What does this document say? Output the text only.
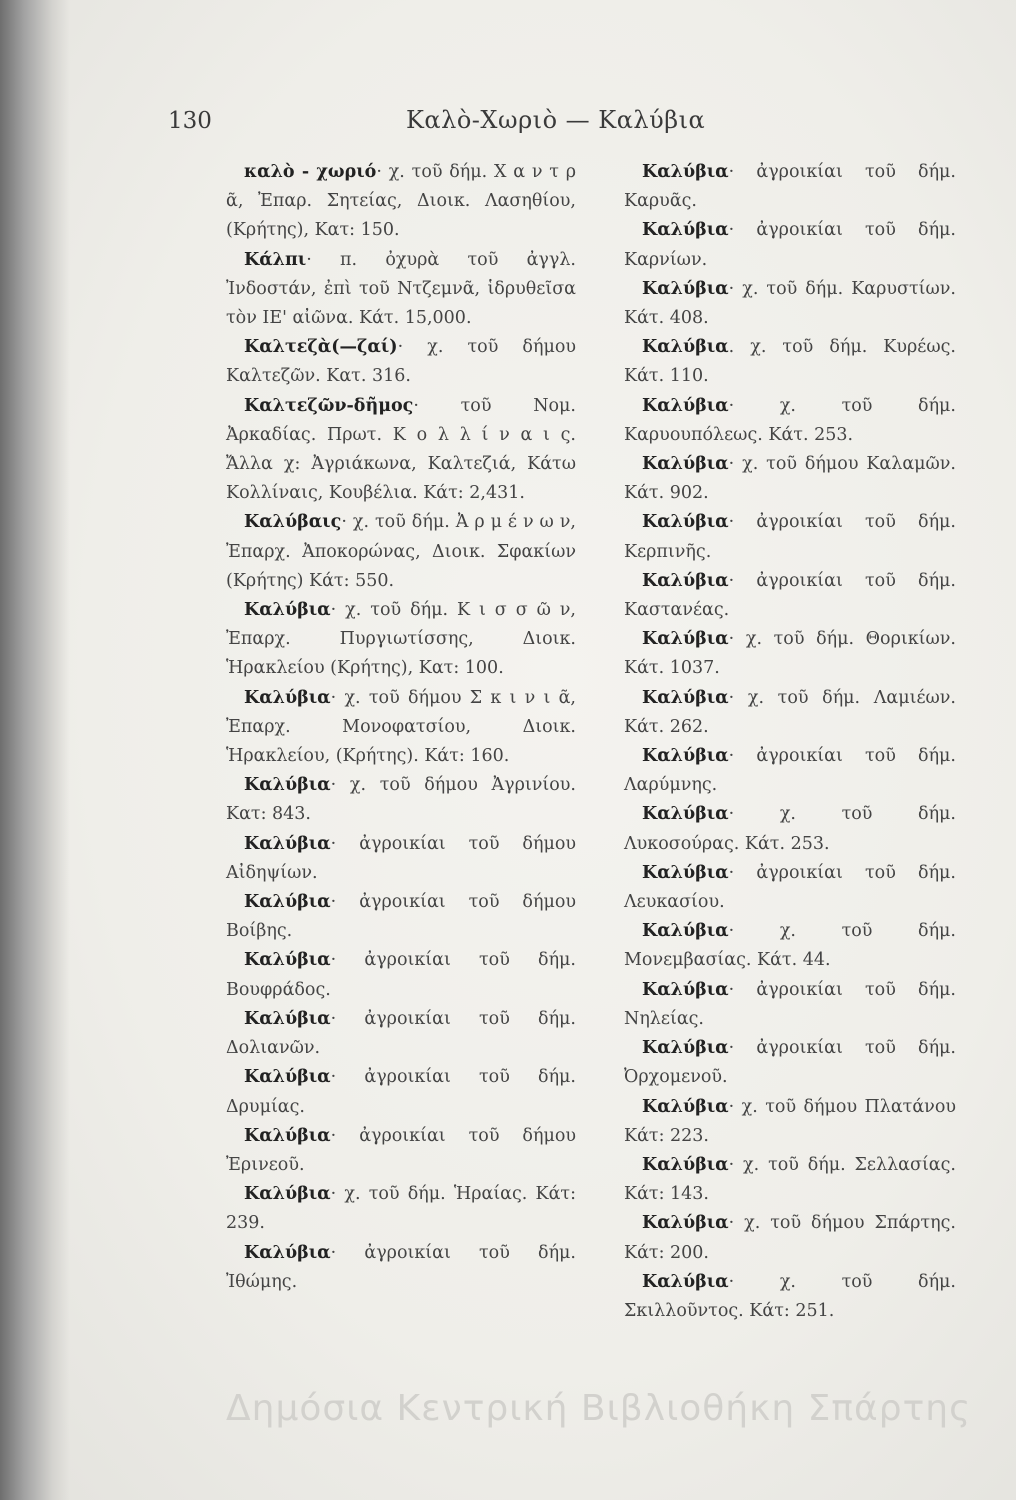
130	Καλὸ-Χωριὸ — Καλύβια

καλὸ - χωριό· χ. τοῦ δήμ. Χ α ν τ ρ ᾶ, Ἐπαρ. Σητείας, Διοικ. Λασηθίου, (Κρήτης), Κατ: 150.

Κάλπι· π. ὀχυρὰ τοῦ ἀγγλ. Ἰνδοστάν, ἐπὶ τοῦ Ντζεμνᾶ, ἱδρυθεῖσα τὸν ΙΕ' αἰῶνα. Κάτ. 15,000.

Καλτεζὰ(—ζαί)· χ. τοῦ δήμου Καλτεζῶν. Κατ. 316.

Καλτεζῶν-δῆμος· τοῦ Νομ. Ἀρκαδίας. Πρωτ. Κ ο λ λ ί ν α ι ς. Ἄλλα χ: Ἀγριάκωνα, Καλτεζιά, Κάτω Κολλίναις, Κουβέλια. Κάτ: 2,431.

Καλύβαις· χ. τοῦ δήμ. Ἀ ρ μ έ ν ω ν, Ἐπαρχ. Ἀποκορώνας, Διοικ. Σφακίων (Κρήτης) Κάτ: 550.

Καλύβια· χ. τοῦ δήμ. Κ ι σ σ ῶ ν, Ἐπαρχ. Πυργιωτίσσης, Διοικ. Ἡρακλείου (Κρήτης), Κατ: 100.

Καλύβια· χ. τοῦ δήμου Σ κ ι ν ι ᾶ, Ἐπαρχ. Μονοφατσίου, Διοικ. Ἡρακλείου, (Κρήτης). Κάτ: 160.

Καλύβια· χ. τοῦ δήμου Ἀγρινίου. Κατ: 843.

Καλύβια· ἀγροικίαι τοῦ δήμου Αἰδηψίων.

Καλύβια· ἀγροικίαι τοῦ δήμου Βοίβης.

Καλύβια· ἀγροικίαι τοῦ δήμ. Βουφράδος.

Καλύβια· ἀγροικίαι τοῦ δήμ. Δολιανῶν.

Καλύβια· ἀγροικίαι τοῦ δήμ. Δρυμίας.

Καλύβια· ἀγροικίαι τοῦ δήμου Ἐρινεοῦ.

Καλύβια· χ. τοῦ δήμ. Ἡραίας. Κάτ: 239.

Καλύβια· ἀγροικίαι τοῦ δήμ. Ἰθώμης.

Καλύβια· ἀγροικίαι τοῦ δήμ. Καρυᾶς.

Καλύβια· ἀγροικίαι τοῦ δήμ. Καρνίων.

Καλύβια· χ. τοῦ δήμ. Καρυστίων. Κάτ. 408.

Καλύβια. χ. τοῦ δήμ. Κυρέως. Κάτ. 110.

Καλύβια· χ. τοῦ δήμ. Καρυουπόλεως. Κάτ. 253.

Καλύβια· χ. τοῦ δήμου Καλαμῶν. Κάτ. 902.

Καλύβια· ἀγροικίαι τοῦ δήμ. Κερπινῆς.

Καλύβια· ἀγροικίαι τοῦ δήμ. Καστανέας.

Καλύβια· χ. τοῦ δήμ. Θορικίων. Κάτ. 1037.

Καλύβια· χ. τοῦ δήμ. Λαμιέων. Κάτ. 262.

Καλύβια· ἀγροικίαι τοῦ δήμ. Λαρύμνης.

Καλύβια· χ. τοῦ δήμ. Λυκοσούρας. Κάτ. 253.

Καλύβια· ἀγροικίαι τοῦ δήμ. Λευκασίου.

Καλύβια· χ. τοῦ δήμ. Μονεμβασίας. Κάτ. 44.

Καλύβια· ἀγροικίαι τοῦ δήμ. Νηλείας.

Καλύβια· ἀγροικίαι τοῦ δήμ. Ὀρχομενοῦ.

Καλύβια· χ. τοῦ δήμου Πλατάνου Κάτ: 223.

Καλύβια· χ. τοῦ δήμ. Σελλασίας. Κάτ: 143.

Καλύβια· χ. τοῦ δήμου Σπάρτης. Κάτ: 200.

Καλύβια· χ. τοῦ δήμ. Σκιλλοῦντος. Κάτ: 251.

Δημόσια Κεντρική Βιβλιοθήκη Σπάρτης
